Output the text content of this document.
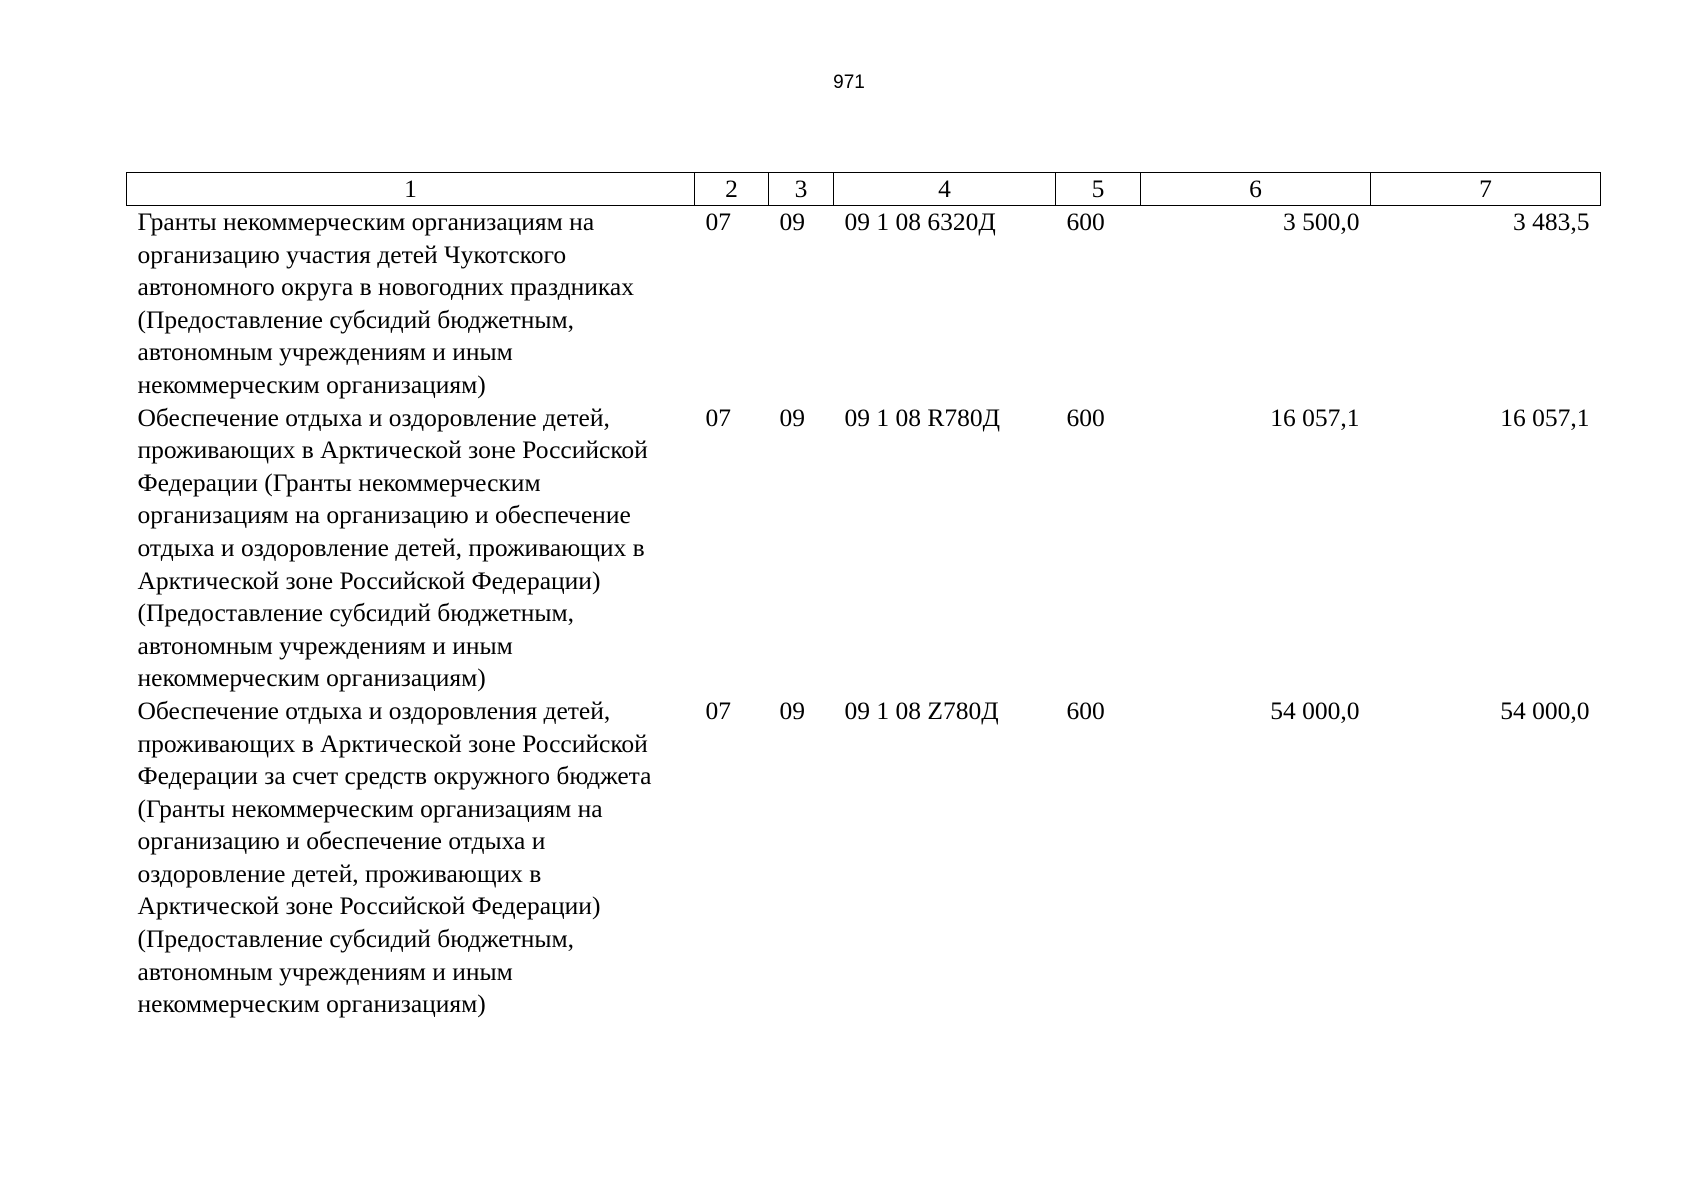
971
1	2	3	4	5	6	7
Гранты некоммерческим организациям на организацию участия детей Чукотского автономного округа в новогодних праздниках (Предоставление субсидий бюджетным, автономным учреждениям и иным некоммерческим организациям)	07	09	09 1 08 6320Д	600	3 500,0	3 483,5
Обеспечение отдыха и оздоровление детей, проживающих в Арктической зоне Российской Федерации (Гранты некоммерческим организациям на организацию и обеспечение отдыха и оздоровление детей, проживающих в Арктической зоне Российской Федерации) (Предоставление субсидий бюджетным, автономным учреждениям и иным некоммерческим организациям)	07	09	09 1 08 R780Д	600	16 057,1	16 057,1
Обеспечение отдыха и оздоровления детей, проживающих в Арктической зоне Российской Федерации за счет средств окружного бюджета (Гранты некоммерческим организациям на организацию и обеспечение отдыха и оздоровление детей, проживающих в Арктической зоне Российской Федерации) (Предоставление субсидий бюджетным, автономным учреждениям и иным некоммерческим организациям)	07	09	09 1 08 Z780Д	600	54 000,0	54 000,0
